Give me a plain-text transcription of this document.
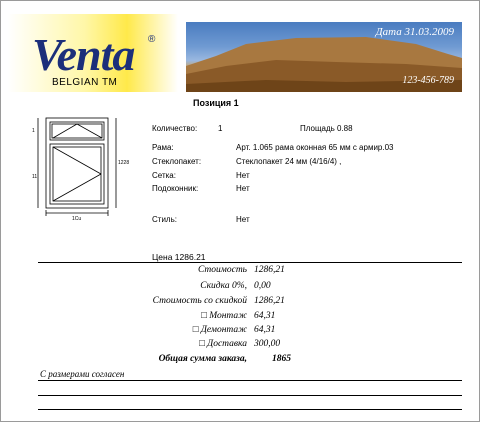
Venta ®
BELGIAN TM
Дата 31.03.2009
123-456-789
Позиция 1
1
11
1228
1Cu
Количество:	1	Площадь 0.88
Рама:	Арт. 1.065 рама оконная 65 мм с армир.03
Стеклопакет:	Стеклопакет 24 мм (4/16/4) ,
Сетка:	Нет
Подоконник:	Нет
Стиль:	Нет
Цена 1286.21
Стоимость 1286,21
Скидка 0%, 0,00
Стоимость со скидкой 1286,21
□ Монтаж 64,31
□ Демонтаж 64,31
□ Доставка 300,00
Общая сумма заказа,	1865
С размерами согласен
